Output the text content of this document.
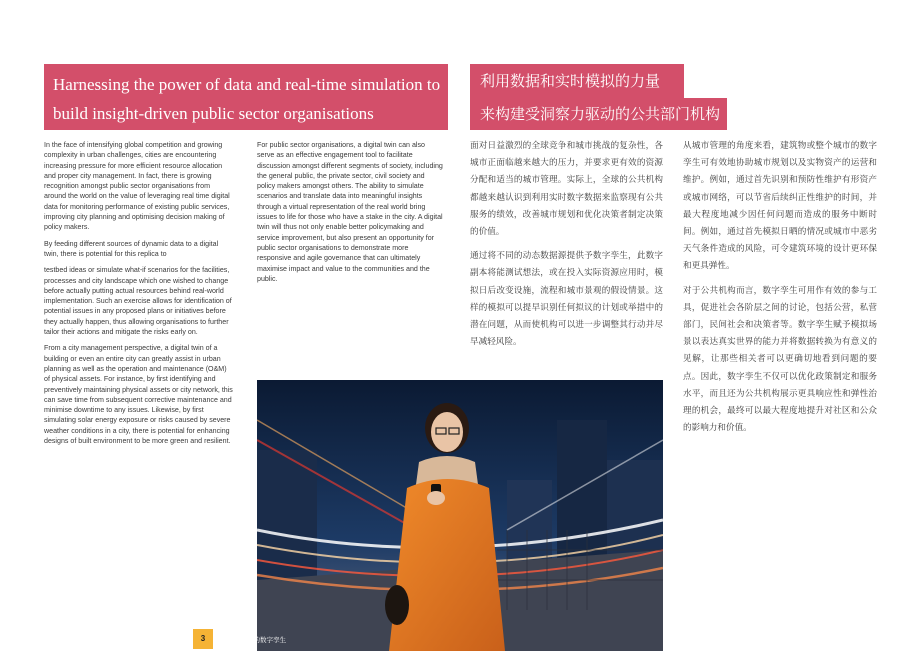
Harnessing the power of data and real-time simulation to
build insight-driven public sector organisations
利用数据和实时模拟的力量
来构建受洞察力驱动的公共部门机构

In the face of intensifying global competition and growing complexity in urban challenges, cities are encountering increasing pressure for more efficient resource allocation and proper city management. In fact, there is growing recognition amongst public sector organisations from around the world on the value of leveraging real time digital data for monitoring performance of existing public services, improving city planning and optimising decision making of policy makers.

By feeding different sources of dynamic data to a digital twin, there is potential for this replica to

testbed ideas or simulate what-if scenarios for the facilities, processes and city landscape which one wished to change before actually putting actual resources behind real-world implementation. Such an exercise allows for identification of potential issues in any proposed plans or initiatives before they actually happen, thus allowing organisations to further tailor their actions and mitigate the risks early on.

From a city management perspective, a digital twin of a building or even an entire city can greatly assist in urban planning as well as the operation and maintenance (O&M) of physical assets. For instance, by first identifying and preventively maintaining physical assets or city network, this can save time from subsequent corrective maintenance and minimise downtime to any issues. Likewise, by first simulating solar energy exposure or risks caused by severe weather conditions in a city, there is potential for enhancing designs of built environment to be more green and resilient.

For public sector organisations, a digital twin can also serve as an effective engagement tool to facilitate discussion amongst different segments of society, including the general public, the private sector, civil society and policy makers amongst others. The ability to simulate scenarios and translate data into meaningful insights through a virtual representation of the real world bring issues to life for those who have a stake in the city. A digital twin will thus not only enable better policymaking and service improvement, but also present an opportunity for public sector organisations to demonstrate more responsive and agile governance that can ultimately maximise impact and value to the communities and the public.

面对日益激烈的全球竞争和城市挑战的复杂性，各城市正面临越来越大的压力，并要求更有效的资源分配和适当的城市管理。实际上，全球的公共机构都越来越认识到利用实时数字数据来监察现有公共服务的绩效，改善城市规划和优化决策者制定决策的价值。

通过将不同的动态数据源提供予数字孪生，此数字副本将能测试想法，或在投入实际资源应用时，模拟日后改变设施，流程和城市景观的假设情景。这样的模拟可以提早识别任何拟议的计划或举措中的潜在问题，从而使机构可以进一步调整其行动并尽早减轻风险。

从城市管理的角度来看，建筑物或整个城市的数字孪生可有效地协助城市规划以及实物资产的运营和维护。例如，通过首先识别和预防性维护有形资产或城市网络，可以节省后续纠正性维护的时间，并最大程度地减少因任何问题而造成的服务中断时间。例如，通过首先模拟日晒的情况或城市中恶劣天气条件造成的风险，可令建筑环境的设计更环保和更具弹性。

对于公共机构而言，数字孪生可用作有效的参与工具，促进社会各阶层之间的讨论，包括公营，私营部门，民间社会和决策者等。数字孪生赋予模拟场景以表达真实世界的能力并将数据转换为有意义的见解，让那些相关者可以更确切地看到问题的要点。因此，数字孪生不仅可以优化政策制定和服务水平，而且还为公共机构展示更具响应性和弹性治理的机会，最终可以最大程度地提升对社区和公众的影响力和价值。

Digital Twins in Smart City	3	智慧城市中的数字孪生
